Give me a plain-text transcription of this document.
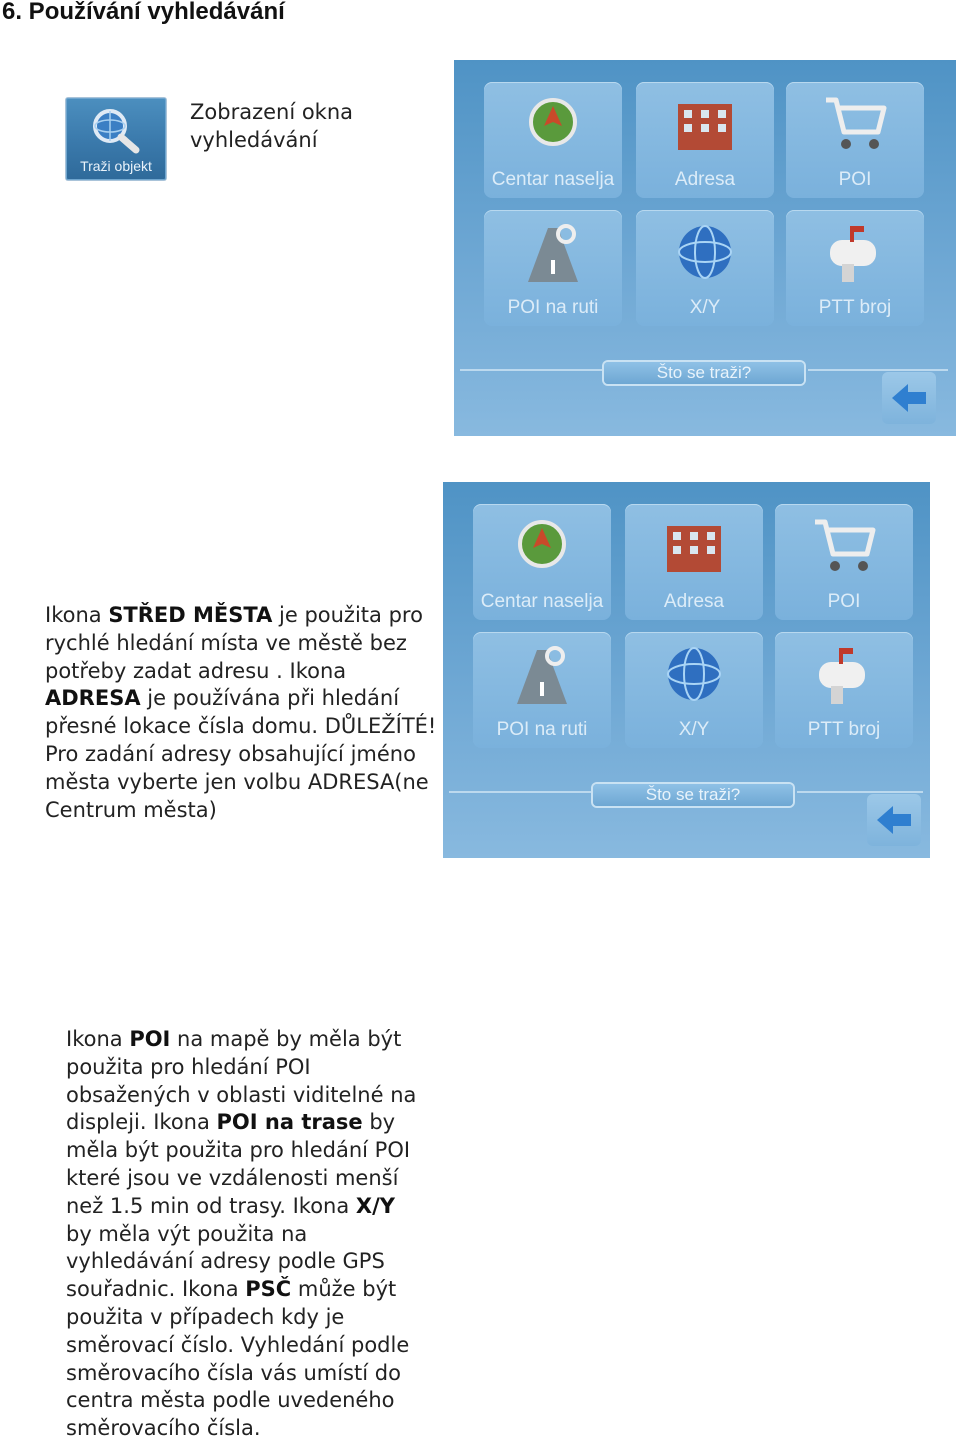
6. Používání vyhledávání
Traži objekt
Zobrazení okna vyhledávání
Centar naselja	Adresa	POI
POI na ruti	X/Y	PTT broj
Što se traži?
Ikona STŘED MĚSTA je použita pro rychlé hledání místa ve městě bez potřeby zadat adresu . Ikona ADRESA je používána při hledání přesné lokace čísla domu. DŮLEŽÍTÉ! Pro zadání adresy obsahující jméno města vyberte jen volbu ADRESA(ne Centrum města)
Centar naselja	Adresa	POI
POI na ruti	X/Y	PTT broj
Što se traži?
Ikona POI na mapě by měla být použita pro hledání POI obsažených v oblasti viditelné na displeji. Ikona POI na trase by měla být použita pro hledání POI které jsou ve vzdálenosti menší než 1.5 min od trasy. Ikona X/Y by měla výt použita na vyhledávání adresy podle GPS souřadnic. Ikona PSČ může být použita v případech kdy je směrovací číslo. Vyhledání podle směrovacího čísla vás umístí do centra města podle uvedeného směrovacího čísla.
